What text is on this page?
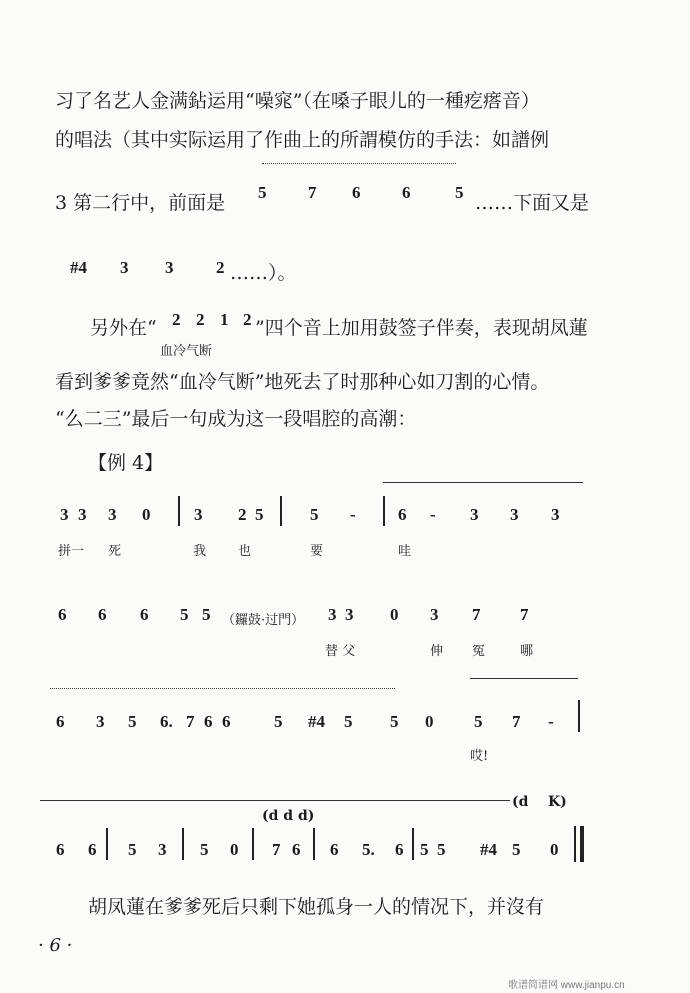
习了名艺人金满鉆运用“噪窕”（在嗓子眼儿的一種疙瘩音）
的唱法（其中实际运用了作曲上的所謂模仿的手法：如譜例
3 第二行中，前面是 5 7 6 6	5 ……下面又是
#4 3 3	2 ……）。
另外在“ 2 2 1 2 ”四个音上加用鼓签子伴奏，表现胡凤蓮
血冷气断
看到爹爹竟然“血冷气断”地死去了时那种心如刀割的心情。
“么二三”最后一句成为这一段唱腔的高潮：
【例 4】
3 3 3 0	3 2 5	5 - 6 - 3 3 3
拼一 死	我 也	要	哇
6 6 6 5 5 （鑼鼓·过門） 3 3 0 3 7 7
替 父	伸 冤	哪
6 3 5 6. 7 6 6	5 #4 5 5 0 5 7 -
哎!
(d K)
(d d d)
6 6 5 3 5 0 7 6 6 5. 6 5 5 #4 5 0
胡凤蓮在爹爹死后只剩下她孤身一人的情况下，并沒有
· 6 ·
歌谱简谱网 www.jianpu.cn
